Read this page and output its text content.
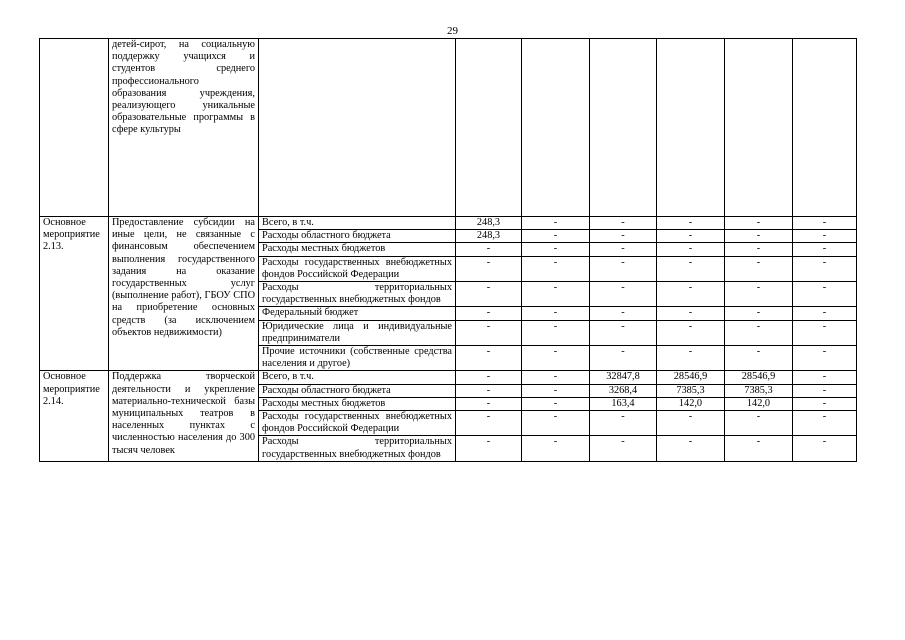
29
	детей-сирот, на социальную поддержку учащихся и студентов среднего профессионального образования учреждения, реализующего уникальные образовательные программы в сфере культуры							
Основное мероприятие 2.13.	Предоставление субсидии на иные цели, не связанные с финансовым обеспечением выполнения государственного задания на оказание государственных услуг (выполнение работ), ГБОУ СПО на приобретение основных средств (за исключением объектов недвижимости)	Всего, в т.ч.	248,3	-	-	-	-	-
		Расходы областного бюджета	248,3	-	-	-	-	-
		Расходы местных бюджетов	-	-	-	-	-	-
		Расходы государственных внебюджетных фондов Российской Федерации	-	-	-	-	-	-
		Расходы территориальных государственных внебюджетных фондов	-	-	-	-	-	-
		Федеральный бюджет	-	-	-	-	-	-
		Юридические лица и индивидуальные предприниматели	-	-	-	-	-	-
		Прочие источники (собственные средства населения и другое)	-	-	-	-	-	-
Основное мероприятие 2.14.	Поддержка творческой деятельности и укрепление материально-технической базы муниципальных театров в населенных пунктах с численностью населения до 300 тысяч человек	Всего, в т.ч.	-	-	32847,8	28546,9	28546,9	-
		Расходы областного бюджета	-	-	3268,4	7385,3	7385,3	-
		Расходы местных бюджетов	-	-	163,4	142,0	142,0	-
		Расходы государственных внебюджетных фондов Российской Федерации	-	-	-	-	-	-
		Расходы территориальных государственных внебюджетных фондов	-	-	-	-	-	-
